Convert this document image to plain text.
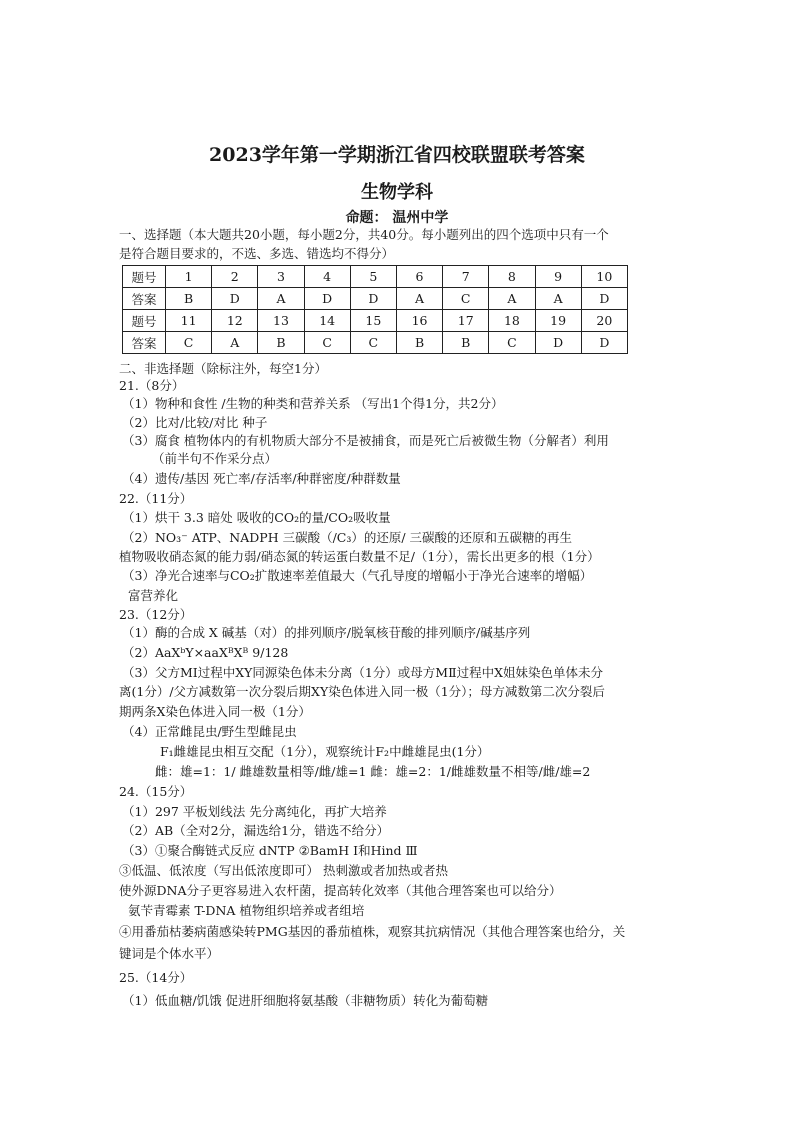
2023学年第一学期浙江省四校联盟联考答案
生物学科
命题： 温州中学
一、选择题（本大题共20小题，每小题2分，共40分。每小题列出的四个选项中只有一个
是符合题目要求的，不选、多选、错选均不得分）
题号	1	2	3	4	5	6	7	8	9	10
答案	B	D	A	D	D	A	C	A	A	D
题号	11	12	13	14	15	16	17	18	19	20
答案	C	A	B	C	C	B	B	C	D	D
二、非选择题（除标注外，每空1分）
21.（8分）
（1）物种和食性 /生物的种类和营养关系 （写出1个得1分，共2分）
（2）比对/比较/对比 种子
（3）腐食 植物体内的有机物质大部分不是被捕食，而是死亡后被微生物（分解者）利用
（前半句不作采分点）
（4）遗传/基因 死亡率/存活率/种群密度/种群数量
22.（11分）
（1）烘干 3.3 暗处 吸收的CO₂的量/CO₂吸收量
（2）NO₃⁻ ATP、NADPH 三碳酸（/C₃）的还原/ 三碳酸的还原和五碳糖的再生
植物吸收硝态氮的能力弱/硝态氮的转运蛋白数量不足/（1分），需长出更多的根（1分）
（3）净光合速率与CO₂扩散速率差值最大（气孔导度的增幅小于净光合速率的增幅）
富营养化
23.（12分）
（1）酶的合成 X 碱基（对）的排列顺序/脱氧核苷酸的排列顺序/碱基序列
（2）AaXᵇY×aaXᴮXᴮ 9/128
（3）父方MⅠ过程中XY同源染色体未分离（1分）或母方MⅡ过程中X姐妹染色单体未分
离(1分）/父方减数第一次分裂后期XY染色体进入同一极（1分）；母方减数第二次分裂后
期两条X染色体进入同一极（1分）
（4）正常雌昆虫/野生型雌昆虫
F₁雌雄昆虫相互交配（1分），观察统计F₂中雌雄昆虫(1分）
雌：雄=1：1/ 雌雄数量相等/雌/雄=1 雌：雄=2：1/雌雄数量不相等/雌/雄=2
24.（15分）
（1）297 平板划线法 先分离纯化，再扩大培养
（2）AB（全对2分，漏选给1分，错选不给分）
（3）①聚合酶链式反应 dNTP ②BamH Ⅰ和Hind Ⅲ
③低温、低浓度（写出低浓度即可） 热刺激或者加热或者热
使外源DNA分子更容易进入农杆菌，提高转化效率（其他合理答案也可以给分）
氨苄青霉素 T-DNA 植物组织培养或者组培
④用番茄枯萎病菌感染转PMG基因的番茄植株，观察其抗病情况（其他合理答案也给分，关
键词是个体水平）
25.（14分）
（1）低血糖/饥饿 促进肝细胞将氨基酸（非糖物质）转化为葡萄糖
